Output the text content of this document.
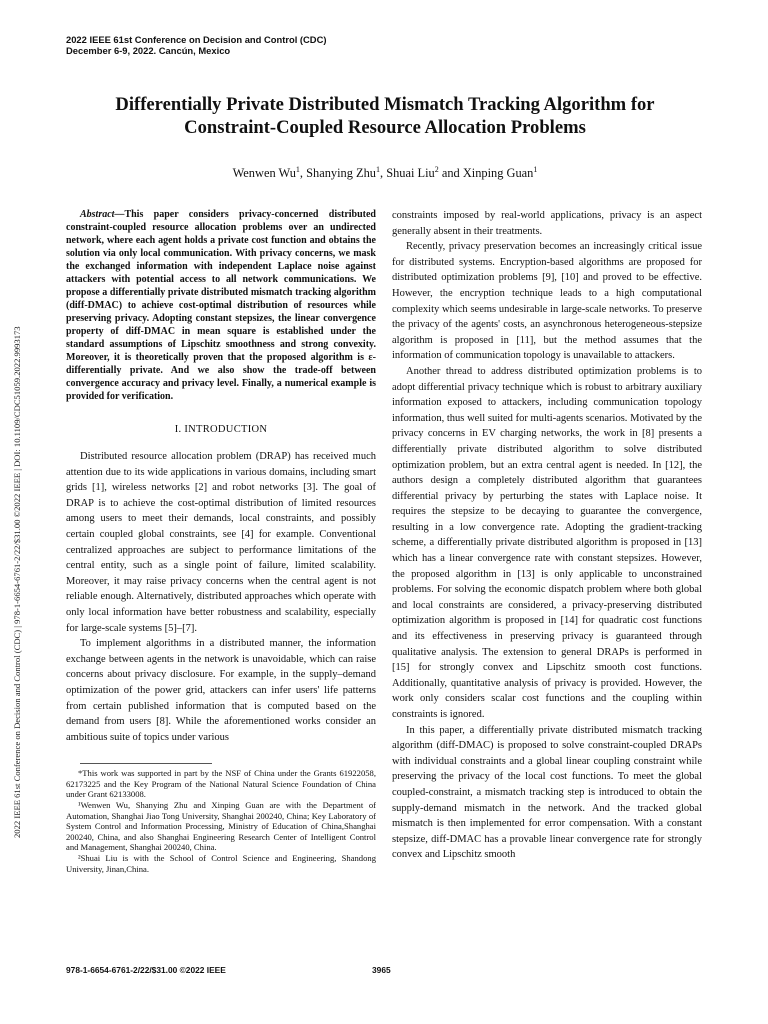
2022 IEEE 61st Conference on Decision and Control (CDC)
December 6-9, 2022. Cancún, Mexico
2022 IEEE 61st Conference on Decision and Control (CDC) | 978-1-6654-6761-2/22/$31.00 ©2022 IEEE | DOI: 10.1109/CDC51059.2022.9993173
Differentially Private Distributed Mismatch Tracking Algorithm for
Constraint-Coupled Resource Allocation Problems
Wenwen Wu$^1$, Shanying Zhu$^1$, Shuai Liu$^2$ and Xinping Guan$^1$

Abstract—This paper considers privacy-concerned distributed constraint-coupled resource allocation problems over an undirected network, where each agent holds a private cost function and obtains the solution via only local communication. With privacy concerns, we mask the exchanged information with independent Laplace noise against attackers with potential access to all network communications. We propose a differentially private distributed mismatch tracking algorithm (diff-DMAC) to achieve cost-optimal distribution of resources while preserving privacy. Adopting constant stepsizes, the linear convergence property of diff-DMAC in mean square is established under the standard assumptions of Lipschitz smoothness and strong convexity. Moreover, it is theoretically proven that the proposed algorithm is ε-differentially private. And we also show the trade-off between convergence accuracy and privacy level. Finally, a numerical example is provided for verification.

I. INTRODUCTION

Distributed resource allocation problem (DRAP) has received much attention due to its wide applications in various domains, including smart grids [1], wireless networks [2] and robot networks [3]. The goal of DRAP is to achieve the cost-optimal distribution of limited resources among users to meet their demands, local constraints, and possibly certain coupled global constraints, see [4] for example. Conventional centralized approaches are subject to performance limitations of the central entity, such as a single point of failure, limited scalability. Moreover, it may raise privacy concerns when the central agent is not reliable enough. Alternatively, distributed approaches which operate with only local information have better robustness and scalability, especially for large-scale systems [5]–[7].

To implement algorithms in a distributed manner, the information exchange between agents in the network is unavoidable, which can raise concerns about privacy disclosure. For example, in the supply–demand optimization of the power grid, attackers can infer users' life patterns from certain published information that is computed based on the demand from users [8]. While the aforementioned works consider an ambitious suite of topics under various

*This work was supported in part by the NSF of China under the Grants 61922058, 62173225 and the Key Program of the National Natural Science Foundation of China under Grant 62133008.

¹Wenwen Wu, Shanying Zhu and Xinping Guan are with the Department of Automation, Shanghai Jiao Tong University, Shanghai 200240, China; Key Laboratory of System Control and Information Processing, Ministry of Education of China,Shanghai 200240, China, and also Shanghai Engineering Research Center of Intelligent Control and Management, Shanghai 200240, China.

²Shuai Liu is with the School of Control Science and Engineering, Shandong University, Jinan,China.

constraints imposed by real-world applications, privacy is an aspect generally absent in their treatments.

Recently, privacy preservation becomes an increasingly critical issue for distributed systems. Encryption-based algorithms are proposed for distributed optimization problems [9], [10] and proved to be effective. However, the encryption technique leads to a high computational complexity which seems undesirable in large-scale networks. To preserve the privacy of the agents' costs, an asynchronous heterogeneous-stepsize algorithm is proposed in [11], but the method assumes that the information of communication topology is unavailable to attackers.

Another thread to address distributed optimization problems is to adopt differential privacy technique which is robust to arbitrary auxiliary information exposed to attackers, including communication topology information, thus well suited for multi-agents scenarios. Motivated by the privacy concerns in EV charging networks, the work in [8] presents a differentially private distributed algorithm to solve distributed optimization problem, but an extra central agent is needed. In [12], the authors design a completely distributed algorithm that guarantees differential privacy by perturbing the states with Laplace noise. It requires the stepsize to be decaying to guarantee the convergence, resulting in a low convergence rate. Adopting the gradient-tracking scheme, a differentially private distributed algorithm is proposed in [13] which has a linear convergence rate with constant stepsizes. However, the proposed algorithm in [13] is only applicable to unconstrained problems. For solving the economic dispatch problem where both global and local constraints are considered, a privacy-preserving distributed optimization algorithm is proposed in [14] for quadratic cost functions and its effectiveness in preserving privacy is guaranteed through qualitative analysis. The extension to general DRAPs is performed in [15] for strongly convex and Lipschitz smooth cost functions. Additionally, quantitative analysis of privacy is provided. However, the work only considers scalar cost functions and the coupling within constraints is ignored.

In this paper, a differentially private distributed mismatch tracking algorithm (diff-DMAC) is proposed to solve constraint-coupled DRAPs with individual constraints and a global linear coupling constraint while preserving the privacy of the local cost functions. To meet the global coupled-constraint, a mismatch tracking step is introduced to obtain the supply-demand mismatch in the network. And the tracked global mismatch is then implemented for error compensation. With a constant stepsize, diff-DMAC has a provable linear convergence rate for strongly convex and Lipschitz smooth

978-1-6654-6761-2/22/$31.00 ©2022 IEEE	3965
